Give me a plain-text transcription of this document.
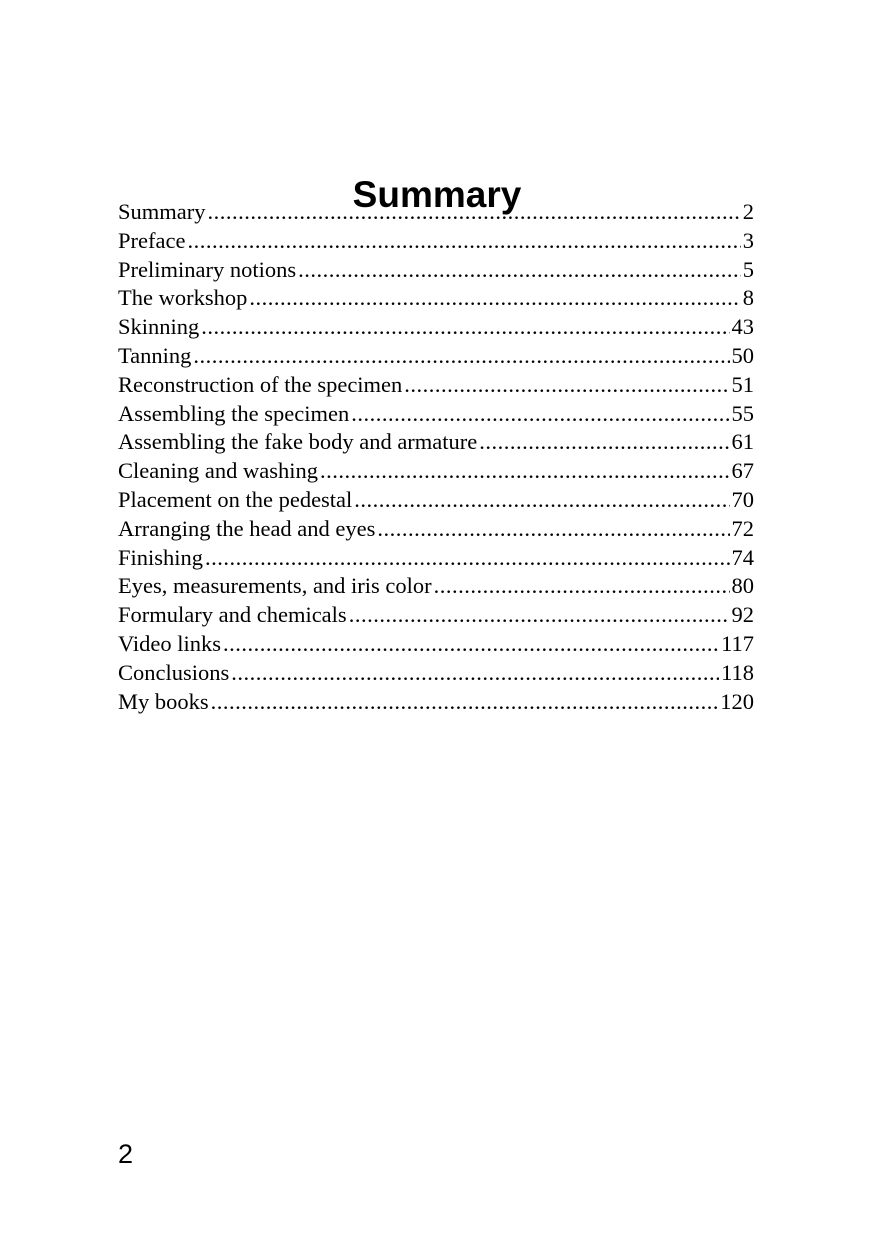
Summary
Summary .....	2
Preface .....	3
Preliminary notions .....	5
The workshop .....	8
Skinning .....	43
Tanning .....	50
Reconstruction of the specimen .....	51
Assembling the specimen .....	55
Assembling the fake body and armature .....	61
Cleaning and washing .....	67
Placement on the pedestal .....	70
Arranging the head and eyes .....	72
Finishing .....	74
Eyes, measurements, and iris color .....	80
Formulary and chemicals .....	92
Video links .....	117
Conclusions .....	118
My books .....	120
2
